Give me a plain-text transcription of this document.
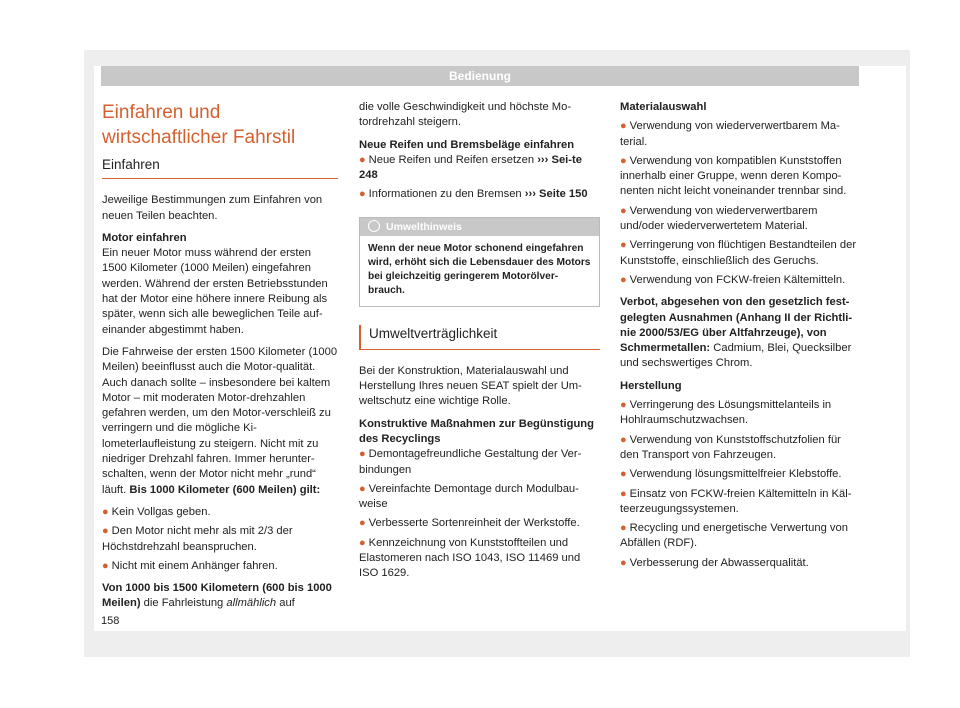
Bedienung
Einfahren und wirtschaftlicher Fahrstil
Einfahren

Jeweilige Bestimmungen zum Einfahren von neuen Teilen beachten.

Motor einfahren

Ein neuer Motor muss während der ersten 1500 Kilometer (1000 Meilen) eingefahren werden. Während der ersten Betriebsstunden hat der Motor eine höhere innere Reibung als später, wenn sich alle beweglichen Teile auf-einander abgestimmt haben.

Die Fahrweise der ersten 1500 Kilometer (1000 Meilen) beeinflusst auch die Motor-qualität. Auch danach sollte – insbesondere bei kaltem Motor – mit moderaten Motor-drehzahlen gefahren werden, um den Motor-verschleiß zu verringern und die mögliche Ki-lometerlaufleistung zu steigern. Nicht mit zu niedriger Drehzahl fahren. Immer herunter-schalten, wenn der Motor nicht mehr „rund“ läuft. Bis 1000 Kilometer (600 Meilen) gilt:

● Kein Vollgas geben.
● Den Motor nicht mehr als mit 2/3 der Höchstdrehzahl beanspruchen.
● Nicht mit einem Anhänger fahren.

Von 1000 bis 1500 Kilometern (600 bis 1000 Meilen) die Fahrleistung allmählich auf

die volle Geschwindigkeit und höchste Mo-tordrehzahl steigern.

Neue Reifen und Bremsbeläge einfahren
● Neue Reifen und Reifen ersetzen ››› Sei-te 248
● Informationen zu den Bremsen ››› Seite 150
Umwelthinweis
Wenn der neue Motor schonend eingefahren wird, erhöht sich die Lebensdauer des Motors bei gleichzeitig geringerem Motorölver-brauch.
Umweltverträglichkeit

Bei der Konstruktion, Materialauswahl und Herstellung Ihres neuen SEAT spielt der Um-weltschutz eine wichtige Rolle.

Konstruktive Maßnahmen zur Begünstigung des Recyclings
● Demontagefreundliche Gestaltung der Ver-bindungen
● Vereinfachte Demontage durch Modulbau-weise
● Verbesserte Sortenreinheit der Werkstoffe.
● Kennzeichnung von Kunststoffteilen und Elastomeren nach ISO 1043, ISO 11469 und ISO 1629.
Materialauswahl
● Verwendung von wiederverwertbarem Ma-terial.
● Verwendung von kompatiblen Kunststoffen innerhalb einer Gruppe, wenn deren Kompo-nenten nicht leicht voneinander trennbar sind.
● Verwendung von wiederverwertbarem und/oder wiederverwertetem Material.
● Verringerung von flüchtigen Bestandteilen der Kunststoffe, einschließlich des Geruchs.
● Verwendung von FCKW-freien Kältemitteln.

Verbot, abgesehen von den gesetzlich fest-gelegten Ausnahmen (Anhang II der Richtli-nie 2000/53/EG über Altfahrzeuge), von Schmermetallen: Cadmium, Blei, Quecksilber und sechswertiges Chrom.

Herstellung
● Verringerung des Lösungsmittelanteils in Hohlraumschutzwachsen.
● Verwendung von Kunststoffschutzfolien für den Transport von Fahrzeugen.
● Verwendung lösungsmittelfreier Klebstoffe.
● Einsatz von FCKW-freien Kältemitteln in Käl-teerzeugungssystemen.
● Recycling und energetische Verwertung von Abfällen (RDF).
● Verbesserung der Abwasserqualität.
158
